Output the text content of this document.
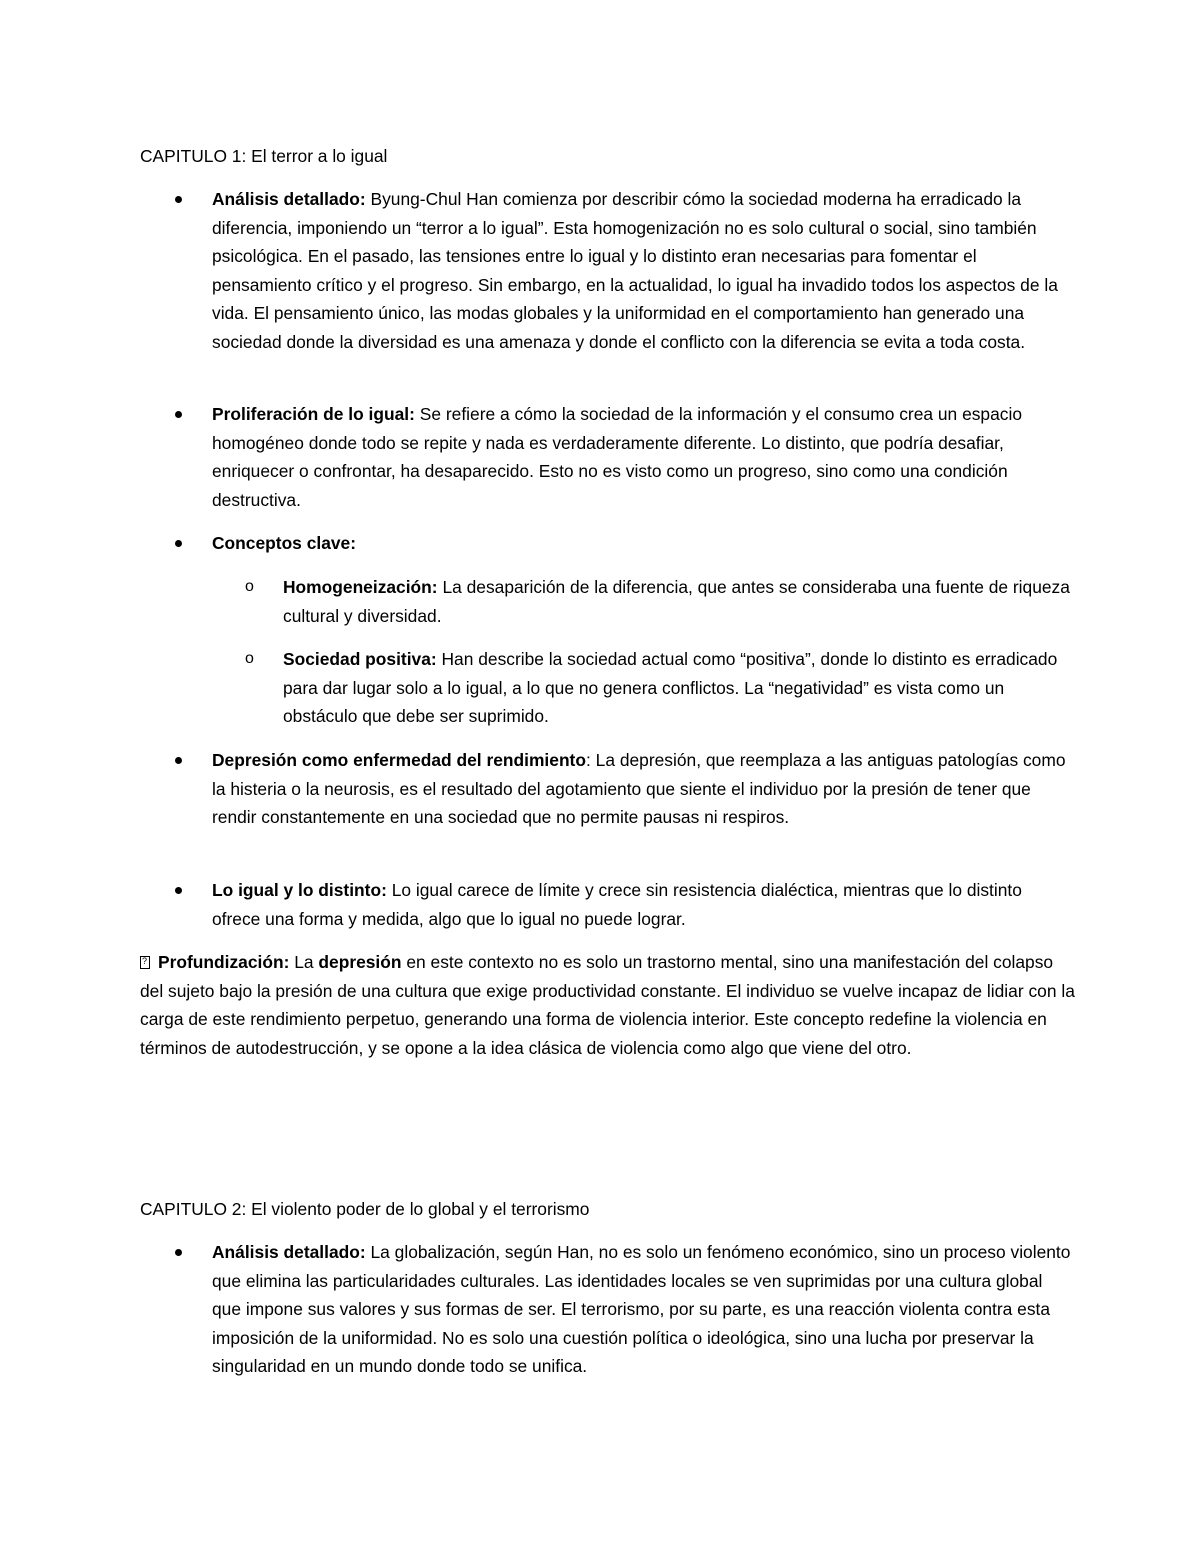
CAPITULO 1: El terror a lo igual
Análisis detallado: Byung-Chul Han comienza por describir cómo la sociedad moderna ha erradicado la diferencia, imponiendo un “terror a lo igual”. Esta homogenización no es solo cultural o social, sino también psicológica. En el pasado, las tensiones entre lo igual y lo distinto eran necesarias para fomentar el pensamiento crítico y el progreso. Sin embargo, en la actualidad, lo igual ha invadido todos los aspectos de la vida. El pensamiento único, las modas globales y la uniformidad en el comportamiento han generado una sociedad donde la diversidad es una amenaza y donde el conflicto con la diferencia se evita a toda costa.
Proliferación de lo igual: Se refiere a cómo la sociedad de la información y el consumo crea un espacio homogéneo donde todo se repite y nada es verdaderamente diferente. Lo distinto, que podría desafiar, enriquecer o confrontar, ha desaparecido. Esto no es visto como un progreso, sino como una condición destructiva.
Conceptos clave:
o Homogeneización: La desaparición de la diferencia, que antes se consideraba una fuente de riqueza cultural y diversidad.
o Sociedad positiva: Han describe la sociedad actual como “positiva”, donde lo distinto es erradicado para dar lugar solo a lo igual, a lo que no genera conflictos. La “negatividad” es vista como un obstáculo que debe ser suprimido.
Depresión como enfermedad del rendimiento: La depresión, que reemplaza a las antiguas patologías como la histeria o la neurosis, es el resultado del agotamiento que siente el individuo por la presión de tener que rendir constantemente en una sociedad que no permite pausas ni respiros.
Lo igual y lo distinto: Lo igual carece de límite y crece sin resistencia dialéctica, mientras que lo distinto ofrece una forma y medida, algo que lo igual no puede lograr.

?Profundización: La depresión en este contexto no es solo un trastorno mental, sino una manifestación del colapso del sujeto bajo la presión de una cultura que exige productividad constante. El individuo se vuelve incapaz de lidiar con la carga de este rendimiento perpetuo, generando una forma de violencia interior. Este concepto redefine la violencia en términos de autodestrucción, y se opone a la idea clásica de violencia como algo que viene del otro.

CAPITULO 2: El violento poder de lo global y el terrorismo
Análisis detallado: La globalización, según Han, no es solo un fenómeno económico, sino un proceso violento que elimina las particularidades culturales. Las identidades locales se ven suprimidas por una cultura global que impone sus valores y sus formas de ser. El terrorismo, por su parte, es una reacción violenta contra esta imposición de la uniformidad. No es solo una cuestión política o ideológica, sino una lucha por preservar la singularidad en un mundo donde todo se unifica.
